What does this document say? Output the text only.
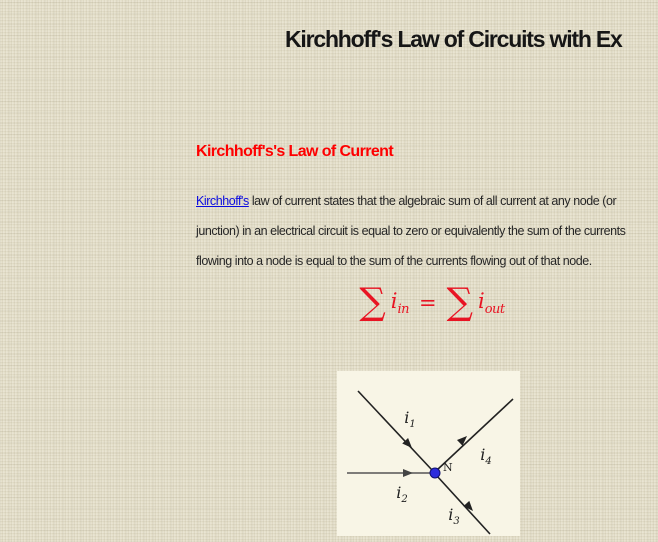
Kirchhoff's Law of Circuits with Ex
Kirchhoff's's Law of Current
Kirchhoff's law of current states that the algebraic sum of all current at any node (or
junction) in an electrical circuit is equal to zero or equivalently the sum of the currents
flowing into a node is equal to the sum of the currents flowing out of that node.
∑ $i_{in}$ = ∑ $i_{out}$
$i_1$
$i_2$
$i_3$
$i_4$
N
